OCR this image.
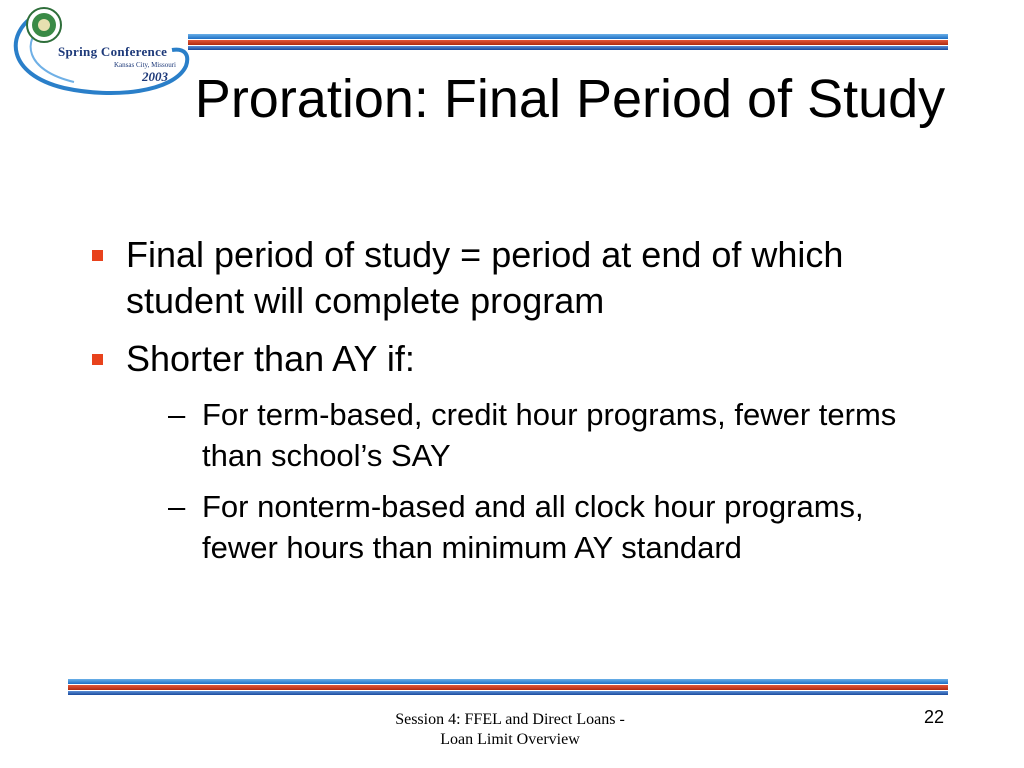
Spring Conference
Kansas City, Missouri
2003 Proration: Final Period of Study
Final period of study = period at end of which student will complete program
Shorter than AY if:
– For term-based, credit hour programs, fewer terms than school’s SAY
– For nonterm-based and all clock hour programs, fewer hours than minimum AY standard
Session 4: FFEL and Direct Loans -
Loan Limit Overview
22
